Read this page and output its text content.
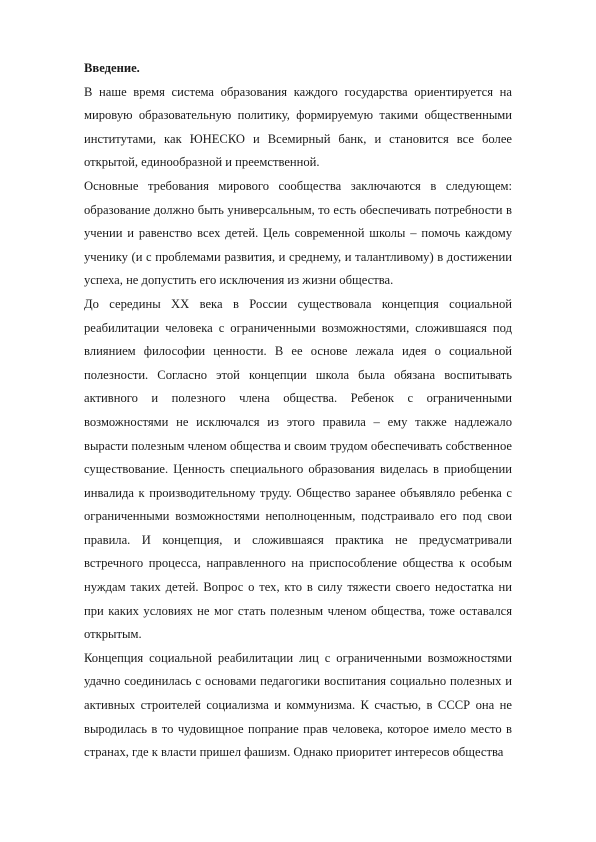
Введение.

В наше время система образования каждого государства ориентируется на мировую образовательную политику, формируемую такими общественными институтами, как ЮНЕСКО и Всемирный банк, и становится все более открытой, единообразной и преемственной.

Основные требования мирового сообщества заключаются в следующем: образование должно быть универсальным, то есть обеспечивать потребности в учении и равенство всех детей. Цель современной школы – помочь каждому ученику (и с проблемами развития, и среднему, и талантливому) в достижении успеха, не допустить его исключения из жизни общества.

До середины XX века в России существовала концепция социальной реабилитации человека с ограниченными возможностями, сложившаяся под влиянием философии ценности. В ее основе лежала идея о социальной полезности. Согласно этой концепции школа была обязана воспитывать активного и полезного члена общества. Ребенок с ограниченными возможностями не исключался из этого правила – ему также надлежало вырасти полезным членом общества и своим трудом обеспечивать собственное существование. Ценность специального образования виделась в приобщении инвалида к производительному труду. Общество заранее объявляло ребенка с ограниченными возможностями неполноценным, подстраивало его под свои правила. И концепция, и сложившаяся практика не предусматривали встречного процесса, направленного на приспособление общества к особым нуждам таких детей. Вопрос о тех, кто в силу тяжести своего недостатка ни при каких условиях не мог стать полезным членом общества, тоже оставался открытым.

Концепция социальной реабилитации лиц с ограниченными возможностями удачно соединилась с основами педагогики воспитания социально полезных и активных строителей социализма и коммунизма. К счастью, в СССР она не выродилась в то чудовищное попрание прав человека, которое имело место в странах, где к власти пришел фашизм. Однако приоритет интересов общества
